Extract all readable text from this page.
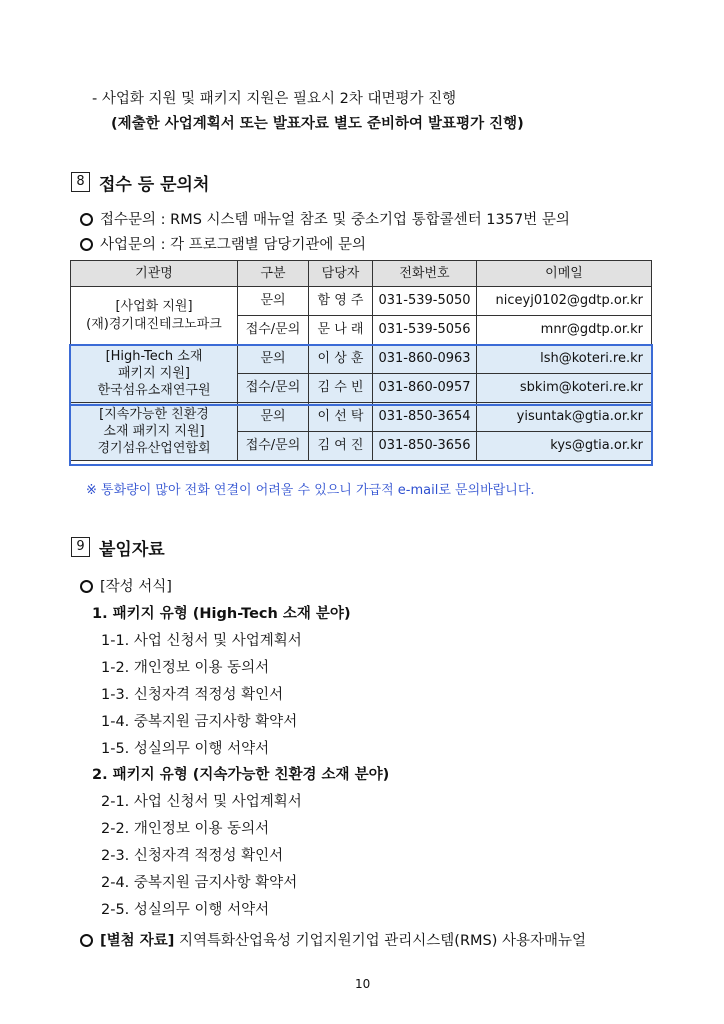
- 사업화 지원 및 패키지 지원은 필요시 2차 대면평가 진행
(제출한 사업계획서 또는 발표자료 별도 준비하여 발표평가 진행)
8 접수 등 문의처
접수문의 : RMS 시스템 매뉴얼 참조 및 중소기업 통합콜센터 1357번 문의
사업문의 : 각 프로그램별 담당기관에 문의
기관명	구분	담당자	전화번호	이메일

[사업화 지원]
(재)경기대진테크노파크	문의	함 영 주	031-539-5050	niceyj0102@gdtp.or.kr
	접수/문의	문 나 래	031-539-5056	mnr@gdtp.or.kr

[High-Tech 소재
패키지 지원]
한국섬유소재연구원	문의	이 상 훈	031-860-0963	lsh@koteri.re.kr
	접수/문의	김 수 빈	031-860-0957	sbkim@koteri.re.kr

[지속가능한 친환경
소재 패키지 지원]
경기섬유산업연합회	문의	이 선 탁	031-850-3654	yisuntak@gtia.or.kr
	접수/문의	김 여 진	031-850-3656	kys@gtia.or.kr
※ 통화량이 많아 전화 연결이 어려울 수 있으니 가급적 e-mail로 문의바랍니다.
9 붙임자료
[작성 서식]
1. 패키지 유형 (High-Tech 소재 분야)
1-1. 사업 신청서 및 사업계획서
1-2. 개인정보 이용 동의서
1-3. 신청자격 적정성 확인서
1-4. 중복지원 금지사항 확약서
1-5. 성실의무 이행 서약서
2. 패키지 유형 (지속가능한 친환경 소재 분야)
2-1. 사업 신청서 및 사업계획서
2-2. 개인정보 이용 동의서
2-3. 신청자격 적정성 확인서
2-4. 중복지원 금지사항 확약서
2-5. 성실의무 이행 서약서
[별첨 자료] 지역특화산업육성 기업지원기업 관리시스템(RMS) 사용자매뉴얼
10
